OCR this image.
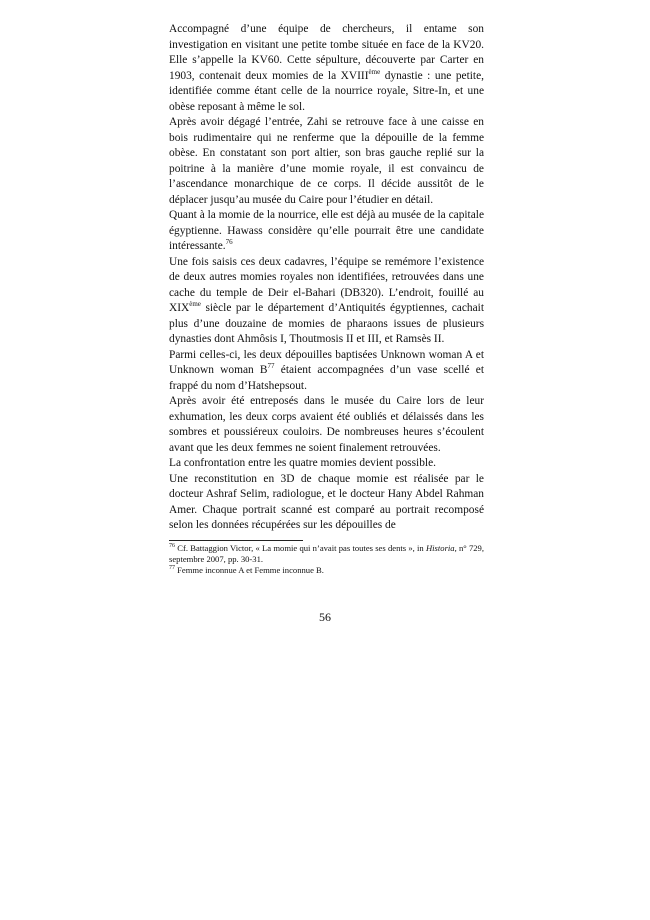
Accompagné d’une équipe de chercheurs, il entame son investigation en visitant une petite tombe située en face de la KV20. Elle s’appelle la KV60. Cette sépulture, découverte par Carter en 1903, contenait deux momies de la XVIIIème dynastie : une petite, identifiée comme étant celle de la nourrice royale, Sitre-In, et une obèse reposant à même le sol.

Après avoir dégagé l’entrée, Zahi se retrouve face à une caisse en bois rudimentaire qui ne renferme que la dépouille de la femme obèse. En constatant son port altier, son bras gauche replié sur la poitrine à la manière d’une momie royale, il est convaincu de l’ascendance monarchique de ce corps. Il décide aussitôt de le déplacer jusqu’au musée du Caire pour l’étudier en détail.

Quant à la momie de la nourrice, elle est déjà au musée de la capitale égyptienne. Hawass considère qu’elle pourrait être une candidate intéressante.$^{76}$

Une fois saisis ces deux cadavres, l’équipe se remémore l’existence de deux autres momies royales non identifiées, retrouvées dans une cache du temple de Deir el-Bahari (DB320). L’endroit, fouillé au XIXème siècle par le département d’Antiquités égyptiennes, cachait plus d’une douzaine de momies de pharaons issues de plusieurs dynasties dont Ahmôsis I, Thoutmosis II et III, et Ramsès II.

Parmi celles-ci, les deux dépouilles baptisées Unknown woman A et Unknown woman $B^{77}$ étaient accompagnées d’un vase scellé et frappé du nom d’Hatshepsout.

Après avoir été entreposés dans le musée du Caire lors de leur exhumation, les deux corps avaient été oubliés et délaissés dans les sombres et poussiéreux couloirs. De nombreuses heures s’écoulent avant que les deux femmes ne soient finalement retrouvées.

La confrontation entre les quatre momies devient possible.

Une reconstitution en 3D de chaque momie est réalisée par le docteur Ashraf Selim, radiologue, et le docteur Hany Abdel Rahman Amer. Chaque portrait scanné est comparé au portrait recomposé selon les données récupérées sur les dépouilles de

$^{76}$ Cf. Battaggion Victor, « La momie qui n’avait pas toutes ses dents », in Historia, n° 729, septembre 2007, pp. 30-31.

$^{77}$ Femme inconnue A et Femme inconnue B.

56
